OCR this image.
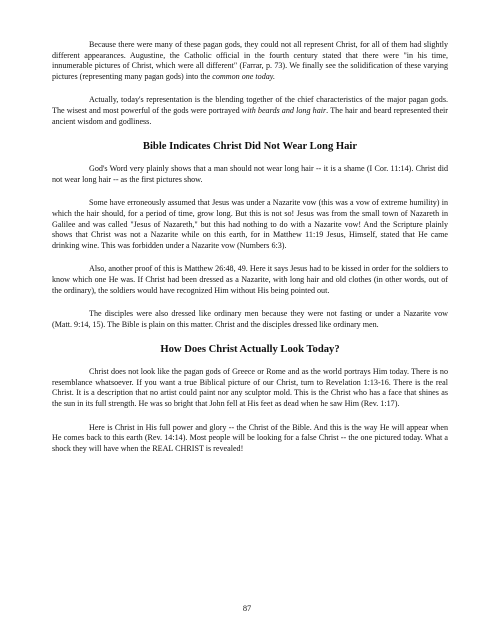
Because there were many of these pagan gods, they could not all represent Christ, for all of them had slightly different appearances. Augustine, the Catholic official in the fourth century stated that there were "in his time, innumerable pictures of Christ, which were all different" (Farrar, p. 73). We finally see the solidification of these varying pictures (representing many pagan gods) into the common one today.

Actually, today's representation is the blending together of the chief characteristics of the major pagan gods. The wisest and most powerful of the gods were portrayed with beards and long hair. The hair and beard represented their ancient wisdom and godliness.

Bible Indicates Christ Did Not Wear Long Hair

God's Word very plainly shows that a man should not wear long hair -- it is a shame (I Cor. 11:14). Christ did not wear long hair -- as the first pictures show.

Some have erroneously assumed that Jesus was under a Nazarite vow (this was a vow of extreme humility) in which the hair should, for a period of time, grow long. But this is not so! Jesus was from the small town of Nazareth in Galilee and was called "Jesus of Nazareth," but this had nothing to do with a Nazarite vow! And the Scripture plainly shows that Christ was not a Nazarite while on this earth, for in Matthew 11:19 Jesus, Himself, stated that He came drinking wine. This was forbidden under a Nazarite vow (Numbers 6:3).

Also, another proof of this is Matthew 26:48, 49. Here it says Jesus had to be kissed in order for the soldiers to know which one He was. If Christ had been dressed as a Nazarite, with long hair and old clothes (in other words, out of the ordinary), the soldiers would have recognized Him without His being pointed out.

The disciples were also dressed like ordinary men because they were not fasting or under a Nazarite vow (Matt. 9:14, 15). The Bible is plain on this matter. Christ and the disciples dressed like ordinary men.

How Does Christ Actually Look Today?

Christ does not look like the pagan gods of Greece or Rome and as the world portrays Him today. There is no resemblance whatsoever. If you want a true Biblical picture of our Christ, turn to Revelation 1:13-16. There is the real Christ. It is a description that no artist could paint nor any sculptor mold. This is the Christ who has a face that shines as the sun in its full strength. He was so bright that John fell at His feet as dead when he saw Him (Rev. 1:17).

Here is Christ in His full power and glory -- the Christ of the Bible. And this is the way He will appear when He comes back to this earth (Rev. 14:14). Most people will be looking for a false Christ -- the one pictured today. What a shock they will have when the REAL CHRIST is revealed!

87
